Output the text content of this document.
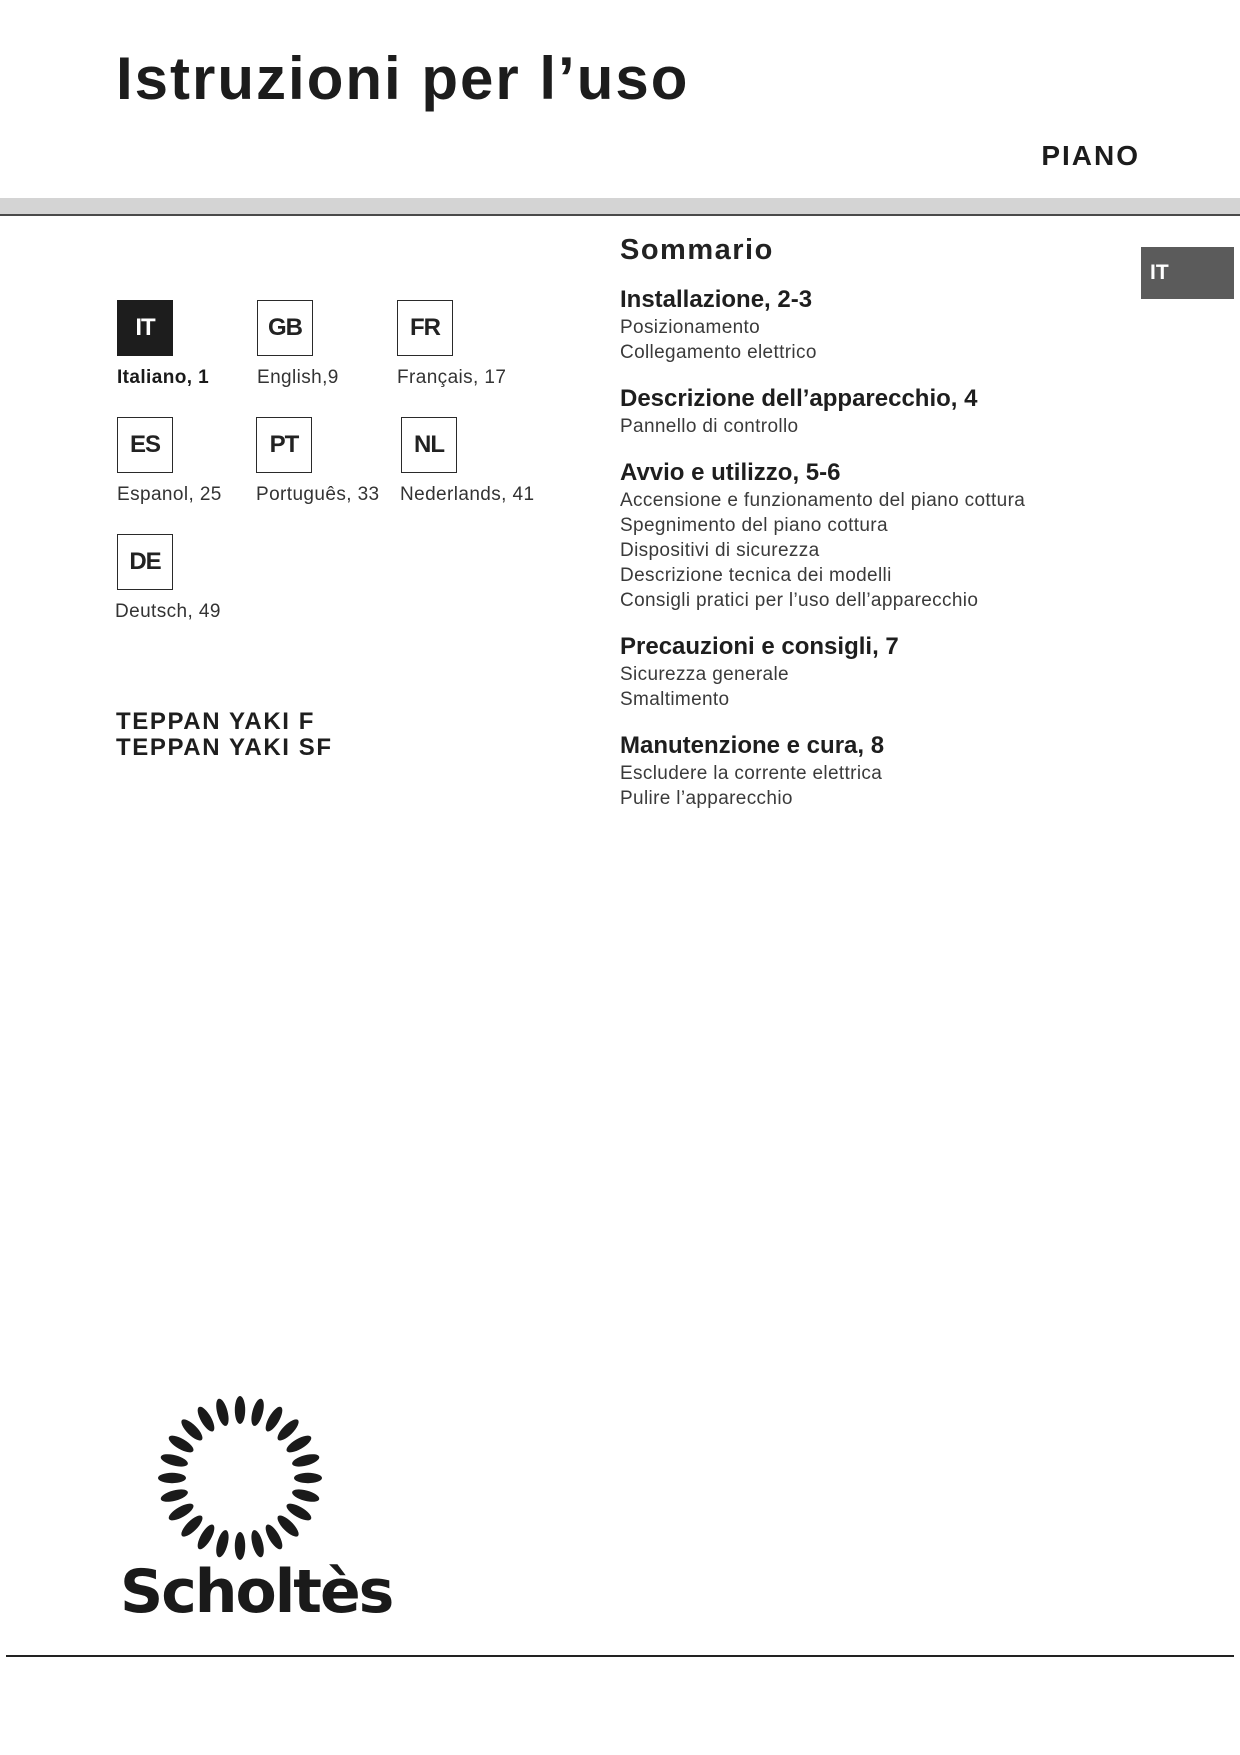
Istruzioni per l’uso
PIANO
IT
IT
Italiano, 1
GB
English,9
FR
Français, 17
ES
Espanol, 25
PT
Português, 33
NL
Nederlands, 41
DE
Deutsch, 49
TEPPAN YAKI F
TEPPAN YAKI SF
Sommario
Installazione, 2-3
Posizionamento
Collegamento elettrico
Descrizione dell’apparecchio, 4
Pannello di controllo
Avvio e utilizzo, 5-6
Accensione e funzionamento del piano cottura
Spegnimento del piano cottura
Dispositivi di sicurezza
Descrizione tecnica dei modelli
Consigli pratici per l’uso dell’apparecchio
Precauzioni e consigli, 7
Sicurezza generale
Smaltimento
Manutenzione e cura, 8
Escludere la corrente elettrica
Pulire l’apparecchio
Scholtès
